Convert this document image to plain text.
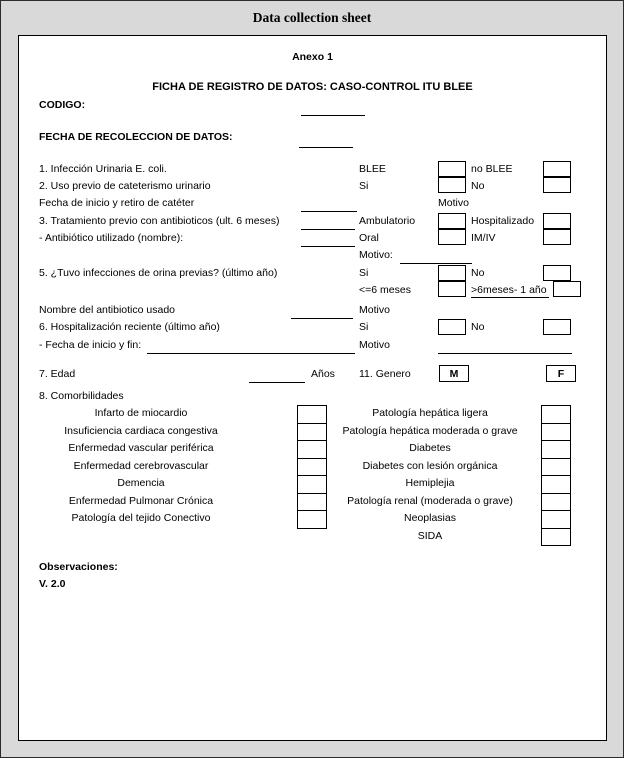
Data collection sheet
Anexo 1
FICHA DE REGISTRO DE DATOS: CASO-CONTROL ITU BLEE
CODIGO:
FECHA DE RECOLECCION DE DATOS:
1. Infección Urinaria E. coli.	BLEE	no BLEE
2. Uso previo de cateterismo urinario	Si	No
Fecha de inicio y retiro de catéter	Motivo
3. Tratamiento previo con antibioticos (ult. 6 meses)	Ambulatorio	Hospitalizado
- Antibiótico utilizado (nombre):	Oral	IM/IV
Motivo:
5. ¿Tuvo infecciones de orina previas? (último año)	Si	No
<=6 meses	>6meses- 1 año
Nombre del antibiotico usado	Motivo
6. Hospitalización reciente (último año)	Si	No
- Fecha de inicio y fin:	Motivo
7. Edad	Años 11. Genero	M	F
8. Comorbilidades
Infarto de miocardio
Insuficiencia cardiaca congestiva
Enfermedad vascular periférica
Enfermedad cerebrovascular
Demencia
Enfermedad Pulmonar Crónica
Patología del tejido Conectivo
Patología hepática ligera
Patología hepática moderada o grave
Diabetes
Diabetes con lesión orgánica
Hemiplejia
Patología renal (moderada o grave)
Neoplasias
SIDA
Observaciones:
V. 2.0
